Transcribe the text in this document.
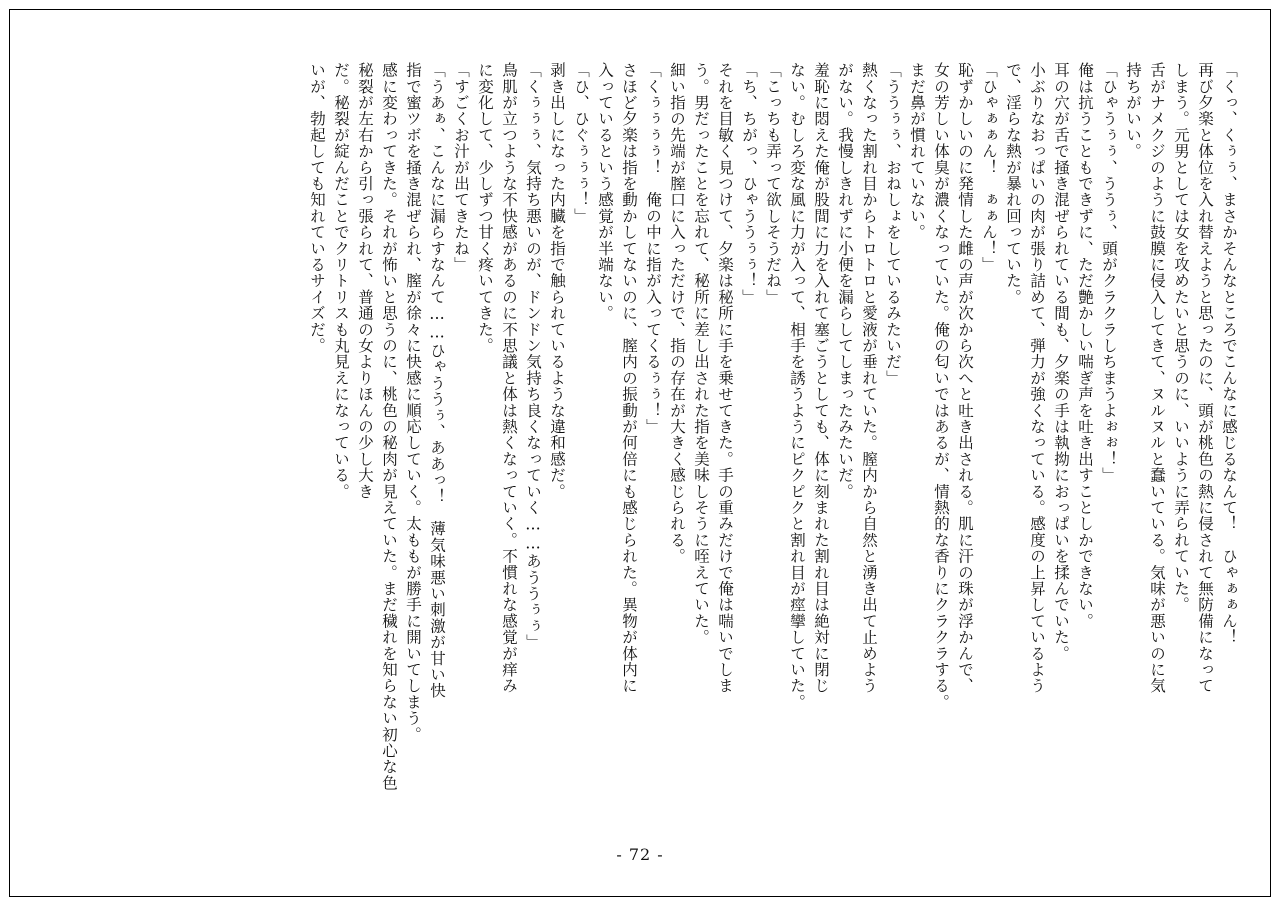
「くっ、くぅぅ、まさかそんなところでこんなに感じるなんて！　ひゃぁぁん！
再び夕楽と体位を入れ替えようと思ったのに、頭が桃色の熱に侵されて無防備になって
しまう。元男としては女を攻めたいと思うのに、いいように弄られていた。
舌がナメクジのように鼓膜に侵入してきて、ヌルヌルと蠢いている。気味が悪いのに気
持ちがいい。
「ひゃうぅぅ、ううぅ、頭がクラクラしちまうよぉぉ！」
俺は抗うこともできずに、ただ艶かしい喘ぎ声を吐き出すことしかできない。
耳の穴が舌で掻き混ぜられている間も、夕楽の手は執拗におっぱいを揉んでいた。
小ぶりなおっぱいの肉が張り詰めて、弾力が強くなっている。感度の上昇しているよう
で、淫らな熱が暴れ回っていた。
「ひゃぁぁん！　ぁぁん！」
恥ずかしいのに発情した雌の声が次から次へと吐き出される。肌に汗の珠が浮かんで、
女の芳しい体臭が濃くなっていた。俺の匂いではあるが、情熱的な香りにクラクラする。
まだ鼻が慣れていない。
「ううぅぅ、おねしょをしているみたいだ」
熱くなった割れ目からトロトロと愛液が垂れていた。膣内から自然と湧き出て止めよう
がない。我慢しきれずに小便を漏らしてしまったみたいだ。
羞恥に悶えた俺が股間に力を入れて塞ごうとしても、体に刻まれた割れ目は絶対に閉じ
ない。むしろ変な風に力が入って、相手を誘うようにピクピクと割れ目が痙攣していた。
「こっちも弄って欲しそうだね」
「ち、ちがっ、ひゃううぅぅ！」
それを目敏く見つけて、夕楽は秘所に手を乗せてきた。手の重みだけで俺は喘いでしま
う。男だったことを忘れて、秘所に差し出された指を美味しそうに咥えていた。
細い指の先端が膣口に入っただけで、指の存在が大きく感じられる。
「くぅぅぅぅ！　俺の中に指が入ってくるぅぅ！」
さほど夕楽は指を動かしてないのに、膣内の振動が何倍にも感じられた。異物が体内に
入っているという感覚が半端ない。
「ひ、ひぐぅぅぅ！」
剥き出しになった内臓を指で触られているような違和感だ。
「くぅぅぅ、気持ち悪いのが、ドンドン気持ち良くなっていく……あううぅぅ」
鳥肌が立つような不快感があるのに不思議と体は熱くなっていく。不慣れな感覚が痒み
に変化して、少しずつ甘く疼いてきた。
「すごくお汁が出てきたね」
「うあぁ、こんなに漏らすなんて……ひゃううぅ、ああっ！　薄気味悪い刺激が甘い快
指で蜜ツボを掻き混ぜられ、膣が徐々に快感に順応していく。太ももが勝手に開いてしまう。
感に変わってきた。それが怖いと思うのに、桃色の秘肉が見えていた。まだ穢れを知らない初心な色
秘裂が左右から引っ張られて、普通の女よりほんの少し大き
だ。秘裂が綻んだことでクリトリスも丸見えになっている。
いが、勃起しても知れているサイズだ。
- 72 -
